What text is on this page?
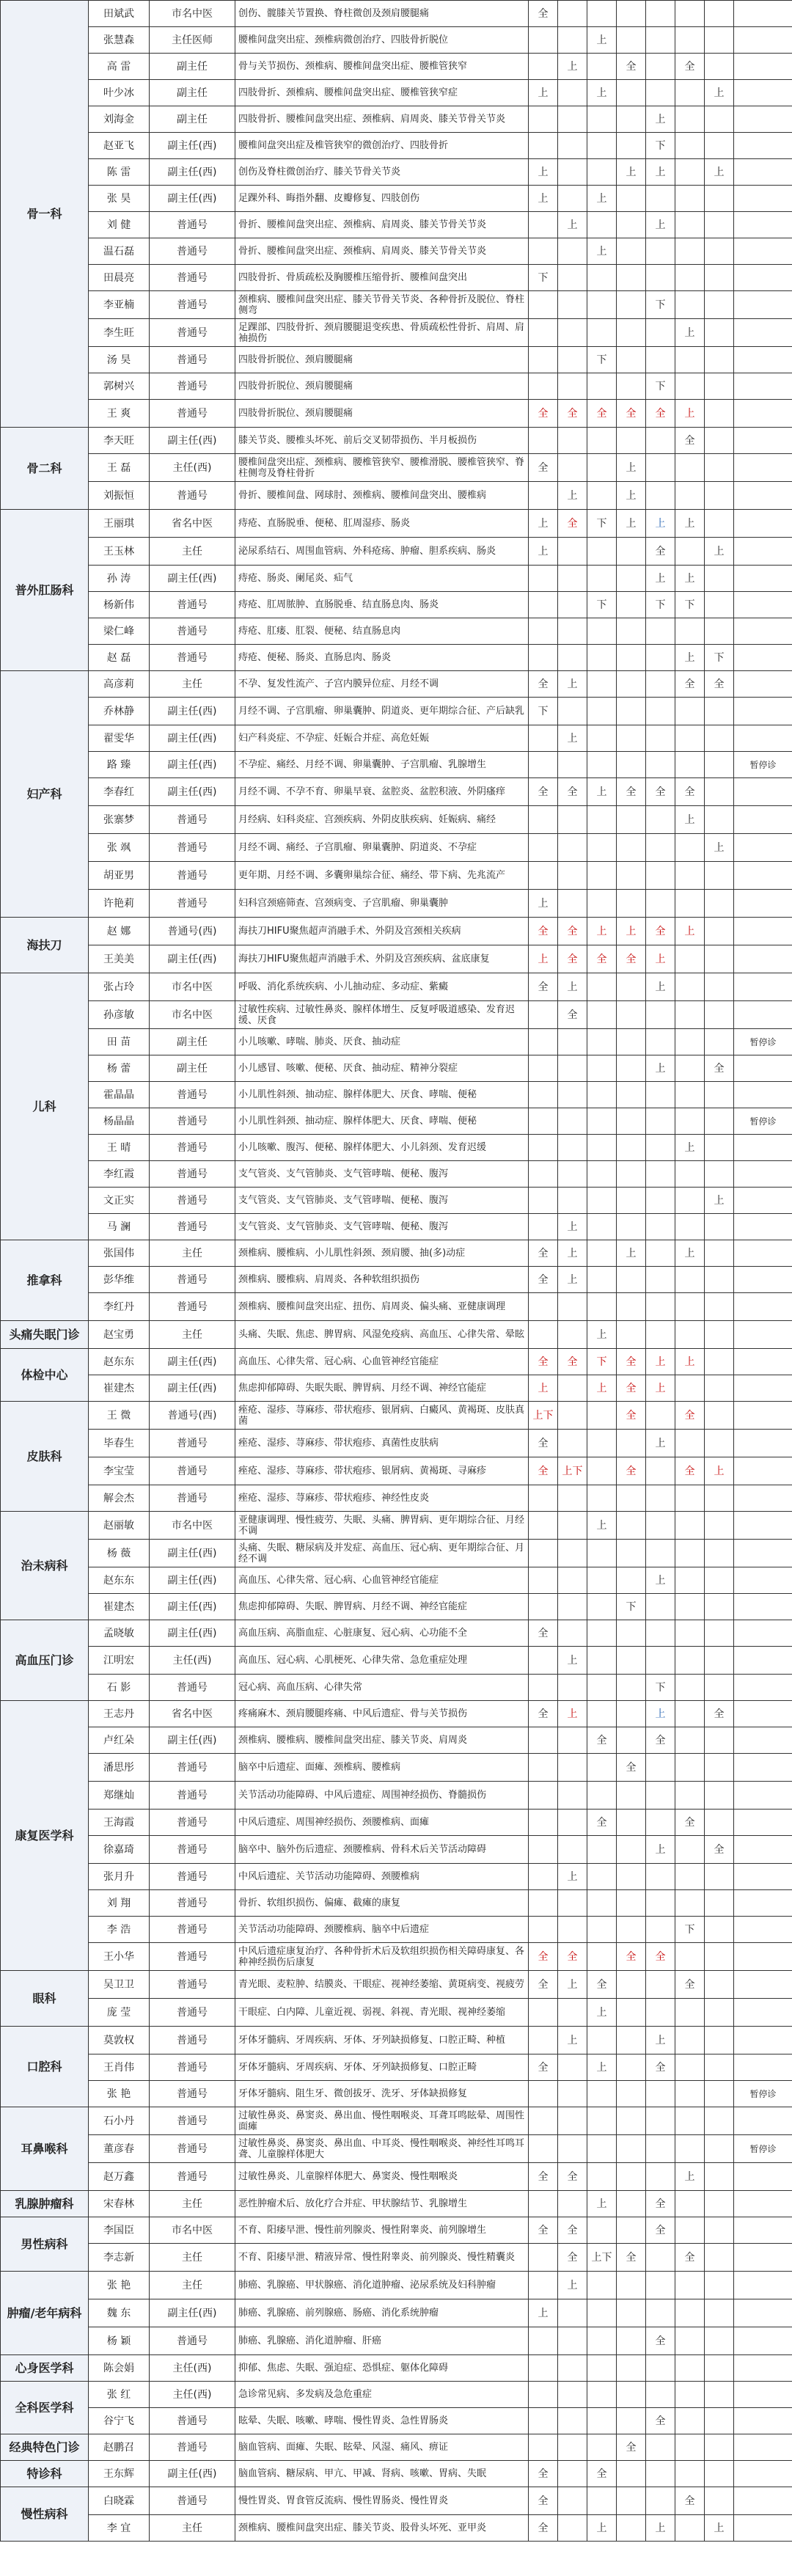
骨一科	田斌武	市名中医	创伤、髋膝关节置换、脊柱微创及颈肩腰腿痛	全							
	张慧森	主任医师	腰椎间盘突出症、颈椎病微创治疗、四肢骨折脱位			上					
	高 雷	副主任	骨与关节损伤、颈椎病、腰椎间盘突出症、腰椎管狭窄		上		全		全		
	叶少冰	副主任	四肢骨折、颈椎病、腰椎间盘突出症、腰椎管狭窄症	上		上				上	
	刘海金	副主任	四肢骨折、腰椎间盘突出症、颈椎病、肩周炎、膝关节骨关节炎					上			
	赵亚飞	副主任(西)	腰椎间盘突出症及椎管狭窄的微创治疗、四肢骨折					下			
	陈 雷	副主任(西)	创伤及脊柱微创治疗、膝关节骨关节炎	上			上	上		上	
	张 昊	副主任(西)	足踝外科、晦指外翻、皮瓣修复、四肢创伤	上		上					
	刘 健	普通号	骨折、腰椎间盘突出症、颈椎病、肩周炎、膝关节骨关节炎		上			上			
	温石磊	普通号	骨折、腰椎间盘突出症、颈椎病、肩周炎、膝关节骨关节炎			上					
	田晨亮	普通号	四肢骨折、骨质疏松及胸腰椎压缩骨折、腰椎间盘突出	下							
	李亚楠	普通号	颈椎病、腰椎间盘突出症、膝关节骨关节炎、各种骨折及脱位、脊柱侧弯					下			
	李生旺	普通号	足踝部、四肢骨折、颈肩腰腿退变疾患、骨质疏松性骨折、肩周、肩袖损伤						上		
	汤 昊	普通号	四肢骨折脱位、颈肩腰腿痛			下					
	郭树兴	普通号	四肢骨折脱位、颈肩腰腿痛					下			
	王 爽	普通号	四肢骨折脱位、颈肩腰腿痛	全	全	全	全	全	上		
骨二科	李天旺	副主任(西)	膝关节炎、腰椎头坏死、前后交叉韧带损伤、半月板损伤						全		
	王 磊	主任(西)	腰椎间盘突出症、颈椎病、腰椎管狭窄、腰椎滑脱、腰椎管狭窄、脊柱侧弯及脊柱骨折	全			上				
	刘振恒	普通号	骨折、腰椎间盘、网球肘、颈椎病、腰椎间盘突出、腰椎病		上		上				
普外肛肠科	王丽琪	省名中医	痔疮、直肠脱垂、便秘、肛周湿疹、肠炎	上	全	下	上	上	上		
	王玉林	主任	泌尿系结石、周围血管病、外科疮疡、肿瘤、胆系疾病、肠炎	上				全		上	
	孙 涛	副主任(西)	痔疮、肠炎、阑尾炎、疝气					上	上		
	杨新伟	普通号	痔疮、肛周脓肿、直肠脱垂、结直肠息肉、肠炎			下		下	下		
	梁仁峰	普通号	痔疮、肛瘘、肛裂、便秘、结直肠息肉								
	赵 磊	普通号	痔疮、便秘、肠炎、直肠息肉、肠炎						上	下	
妇产科	高彦莉	主任	不孕、复发性流产、子宫内膜异位症、月经不调	全	上				全	全	
	乔林静	副主任(西)	月经不调、子宫肌瘤、卵巢囊肿、阴道炎、更年期综合征、产后缺乳	下							
	翟雯华	副主任(西)	妇产科炎症、不孕症、妊娠合并症、高危妊娠		上						
	路 臻	副主任(西)	不孕症、痛经、月经不调、卵巢囊肿、子宫肌瘤、乳腺增生								暂停诊
	李春红	副主任(西)	月经不调、不孕不育、卵巢早衰、盆腔炎、盆腔积液、外阴瘙痒	全	全	上	全	全	全		
	张寨梦	普通号	月经病、妇科炎症、宫颈疾病、外阴皮肤疾病、妊娠病、痛经						上		
	张 飒	普通号	月经不调、痛经、子宫肌瘤、卵巢囊肿、阴道炎、不孕症							上	
	胡亚男	普通号	更年期、月经不调、多囊卵巢综合征、痛经、带下病、先兆流产								
	许艳莉	普通号	妇科宫颈癌筛查、宫颈病变、子宫肌瘤、卵巢囊肿	上							
海扶刀	赵 娜	普通号(西)	海扶刀HIFU聚焦超声消融手术、外阴及宫颈相关疾病	全	全	上	上	全	上		
	王美美	副主任(西)	海扶刀HIFU聚焦超声消融手术、外阴及宫颈疾病、盆底康复	上	全	全	全	上			
儿科	张占玲	市名中医	呼吸、消化系统疾病、小儿抽动症、多动症、紫癜	全	上			上			
	孙彦敏	市名中医	过敏性疾病、过敏性鼻炎、腺样体增生、反复呼吸道感染、发育迟缓、厌食		全						
	田 苗	副主任	小儿咳嗽、哮喘、肺炎、厌食、抽动症								暂停诊
	杨 蕾	副主任	小儿感冒、咳嗽、便秘、厌食、抽动症、精神分裂症					上		全	
	霍晶晶	普通号	小儿肌性斜颈、抽动症、腺样体肥大、厌食、哮喘、便秘								
	杨晶晶	普通号	小儿肌性斜颈、抽动症、腺样体肥大、厌食、哮喘、便秘								暂停诊
	王 晴	普通号	小儿咳嗽、腹泻、便秘、腺样体肥大、小儿斜颈、发育迟缓						上		
	李红霞	普通号	支气管炎、支气管肺炎、支气管哮喘、便秘、腹泻								
	文正实	普通号	支气管炎、支气管肺炎、支气管哮喘、便秘、腹泻							上	
	马 澜	普通号	支气管炎、支气管肺炎、支气管哮喘、便秘、腹泻		上						
推拿科	张国伟	主任	颈椎病、腰椎病、小儿肌性斜颈、颈肩腰、抽(多)动症	全	上		上		上		
	彭华维	普通号	颈椎病、腰椎病、肩周炎、各种软组织损伤	全	上						
	李红丹	普通号	颈椎病、腰椎间盘突出症、扭伤、肩周炎、偏头痛、亚健康调理								
头痛失眠门诊	赵宝勇	主任	头痛、失眠、焦虑、脾胃病、风湿免疫病、高血压、心律失常、晕眩			上					
体检中心	赵东东	副主任(西)	高血压、心律失常、冠心病、心血管神经官能症	全	全	下	全	上	上		
	崔建杰	副主任(西)	焦虑抑郁障碍、失眠失眠、脾胃病、月经不调、神经官能症	上		上	全	上			
皮肤科	王 微	普通号(西)	痤疮、湿疹、荨麻疹、带状疱疹、银屑病、白癜风、黄褐斑、皮肤真菌	上下			全		全		
	毕春生	普通号	痤疮、湿疹、荨麻疹、带状疱疹、真菌性皮肤病	全				上			
	李宝莹	普通号	痤疮、湿疹、荨麻疹、带状疱疹、银屑病、黄褐斑、寻麻疹	全	上下		全		全	上	
	解会杰	普通号	痤疮、湿疹、荨麻疹、带状疱疹、神经性皮炎								
治未病科	赵丽敏	市名中医	亚健康调理、慢性疲劳、失眠、头痛、脾胃病、更年期综合征、月经不调			上					
	杨 薇	副主任(西)	头痛、失眠、糖尿病及并发症、高血压、冠心病、更年期综合征、月经不调								
	赵东东	副主任(西)	高血压、心律失常、冠心病、心血管神经官能症					上			
	崔建杰	副主任(西)	焦虑抑郁障碍、失眠、脾胃病、月经不调、神经官能症				下				
高血压门诊	孟晓敏	副主任(西)	高血压病、高脂血症、心脏康复、冠心病、心功能不全	全							
	江明宏	主任(西)	高血压、冠心病、心肌梗死、心律失常、急危重症处理		上						
	石 影	普通号	冠心病、高血压病、心律失常					下			
康复医学科	王志丹	省名中医	疼痛麻木、颈肩腰腿疼痛、中风后遗症、骨与关节损伤	全	上			上		全	
	卢红朵	副主任(西)	颈椎病、腰椎病、腰椎间盘突出症、膝关节炎、肩周炎			全		全			
	潘思彤	普通号	脑卒中后遗症、面瘫、颈椎病、腰椎病				全				
	郑继灿	普通号	关节活动功能障碍、中风后遗症、周围神经损伤、脊髓损伤								
	王海霞	普通号	中风后遗症、周围神经损伤、颈腰椎病、面瘫			全			全		
	徐嘉琦	普通号	脑卒中、脑外伤后遗症、颈腰椎病、骨科术后关节活动障碍					上		全	
	张月升	普通号	中风后遗症、关节活动功能障碍、颈腰椎病		上						
	刘 翔	普通号	骨折、软组织损伤、偏瘫、截瘫的康复								
	李 浩	普通号	关节活动功能障碍、颈腰椎病、脑卒中后遗症						下		
	王小华	普通号	中风后遗症康复治疗、各种骨折术后及软组织损伤相关障碍康复、各种神经损伤后康复	全	全		全	全			
眼科	吴卫卫	普通号	青光眼、麦粒肿、结膜炎、干眼症、视神经萎缩、黄斑病变、视疲劳	全	上	全			全		
	庞 莹	普通号	干眼症、白内障、儿童近视、弱视、斜视、青光眼、视神经萎缩			上					
口腔科	莫敦权	普通号	牙体牙髓病、牙周疾病、牙体、牙列缺损修复、口腔正畸、种植		上			上			
	王肖伟	普通号	牙体牙髓病、牙周疾病、牙体、牙列缺损修复、口腔正畸	全		上		全			
	张 艳	普通号	牙体牙髓病、阻生牙、微创拔牙、洗牙、牙体缺损修复								暂停诊
耳鼻喉科	石小丹	普通号	过敏性鼻炎、鼻窦炎、鼻出血、慢性咽喉炎、耳聋耳鸣眩晕、周围性面瘫								
	董彦春	普通号	过敏性鼻炎、鼻窦炎、鼻出血、中耳炎、慢性咽喉炎、神经性耳鸣耳聋、儿童腺样体肥大								暂停诊
	赵万鑫	普通号	过敏性鼻炎、儿童腺样体肥大、鼻窦炎、慢性咽喉炎	全	全				上		
乳腺肿瘤科	宋春林	主任	恶性肿瘤术后、放化疗合并症、甲状腺结节、乳腺增生			上		全			
男性病科	李国臣	市名中医	不育、阳痿早泄、慢性前列腺炎、慢性附睾炎、前列腺增生	全	全			全			
	李志新	主任	不育、阳痿早泄、精液异常、慢性附睾炎、前列腺炎、慢性精囊炎		全	上下	全		全		
肿瘤/老年病科	张 艳	主任	肺癌、乳腺癌、甲状腺癌、消化道肿瘤、泌尿系统及妇科肿瘤		上						
	魏 东	副主任(西)	肺癌、乳腺癌、前列腺癌、肠癌、消化系统肿瘤	上							
	杨 颖	普通号	肺癌、乳腺癌、消化道肿瘤、肝癌					全			
心身医学科	陈会娟	主任(西)	抑郁、焦虑、失眠、强迫症、恐惧症、躯体化障碍								
全科医学科	张 红	主任(西)	急诊常见病、多发病及急危重症								
	谷宁飞	普通号	眩晕、失眠、咳嗽、哮喘、慢性胃炎、急性胃肠炎					全			
经典特色门诊	赵鹏召	普通号	脑血管病、面瘫、失眠、眩晕、风湿、痛风、痹证				全				
特诊科	王东辉	副主任(西)	脑血管病、糖尿病、甲亢、甲减、肾病、咳嗽、胃病、失眠	全		全					
慢性病科	白晓霖	普通号	慢性胃炎、胃食管反流病、慢性胃肠炎、慢性胃炎	全					全		
	李 宜	主任	颈椎病、腰椎间盘突出症、膝关节炎、股骨头坏死、亚甲炎	全		上		上		上	
